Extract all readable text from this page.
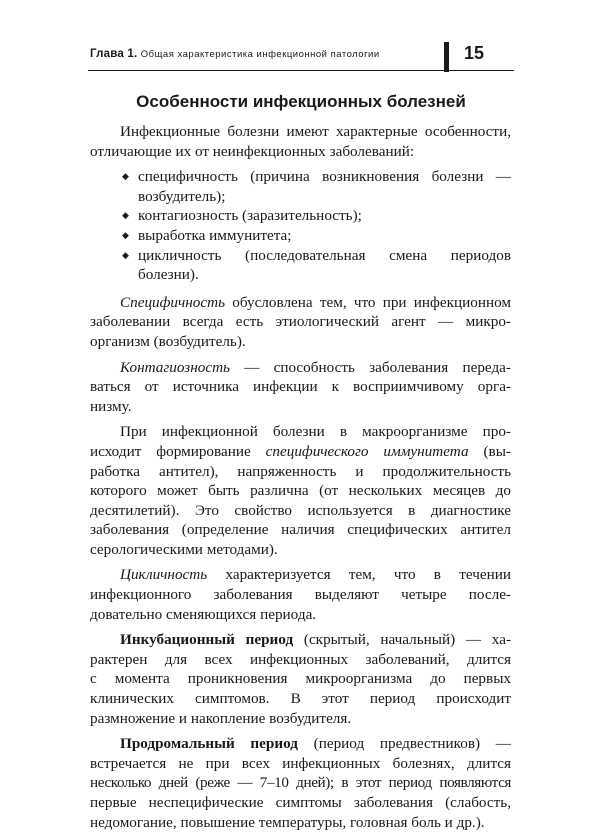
Глава 1. Общая характеристика инфекционной патологии	15
Особенности инфекционных болезней
Инфекционные болезни имеют характерные особенности,
отличающие их от неинфекционных заболеваний:
◆ специфичность (причина возникновения болезни —
возбудитель);
◆ контагиозность (заразительность);
◆ выработка иммунитета;
◆ цикличность (последовательная смена периодов
болезни).
Специфичность обусловлена тем, что при инфекционном
заболевании всегда есть этиологический агент — микро-
организм (возбудитель).
Контагиозность — способность заболевания переда-
ваться от источника инфекции к восприимчивому орга-
низму.
При инфекционной болезни в макроорганизме про-
исходит формирование специфического иммунитета (вы-
работка антител), напряженность и продолжительность
которого может быть различна (от нескольких месяцев до
десятилетий). Это свойство используется в диагностике
заболевания (определение наличия специфических антител
серологическими методами).
Цикличность характеризуется тем, что в течении
инфекционного заболевания выделяют четыре после-
довательно сменяющихся периода.
Инкубационный период (скрытый, начальный) — ха-
рактерен для всех инфекционных заболеваний, длится
с момента проникновения микроорганизма до первых
клинических симптомов. В этот период происходит
размножение и накопление возбудителя.
Продромальный период (период предвестников) —
встречается не при всех инфекционных болезнях, длится
несколько дней (реже — 7–10 дней); в этот период появляются
первые неспецифические симптомы заболевания (слабость,
недомогание, повышение температуры, головная боль и др.).
